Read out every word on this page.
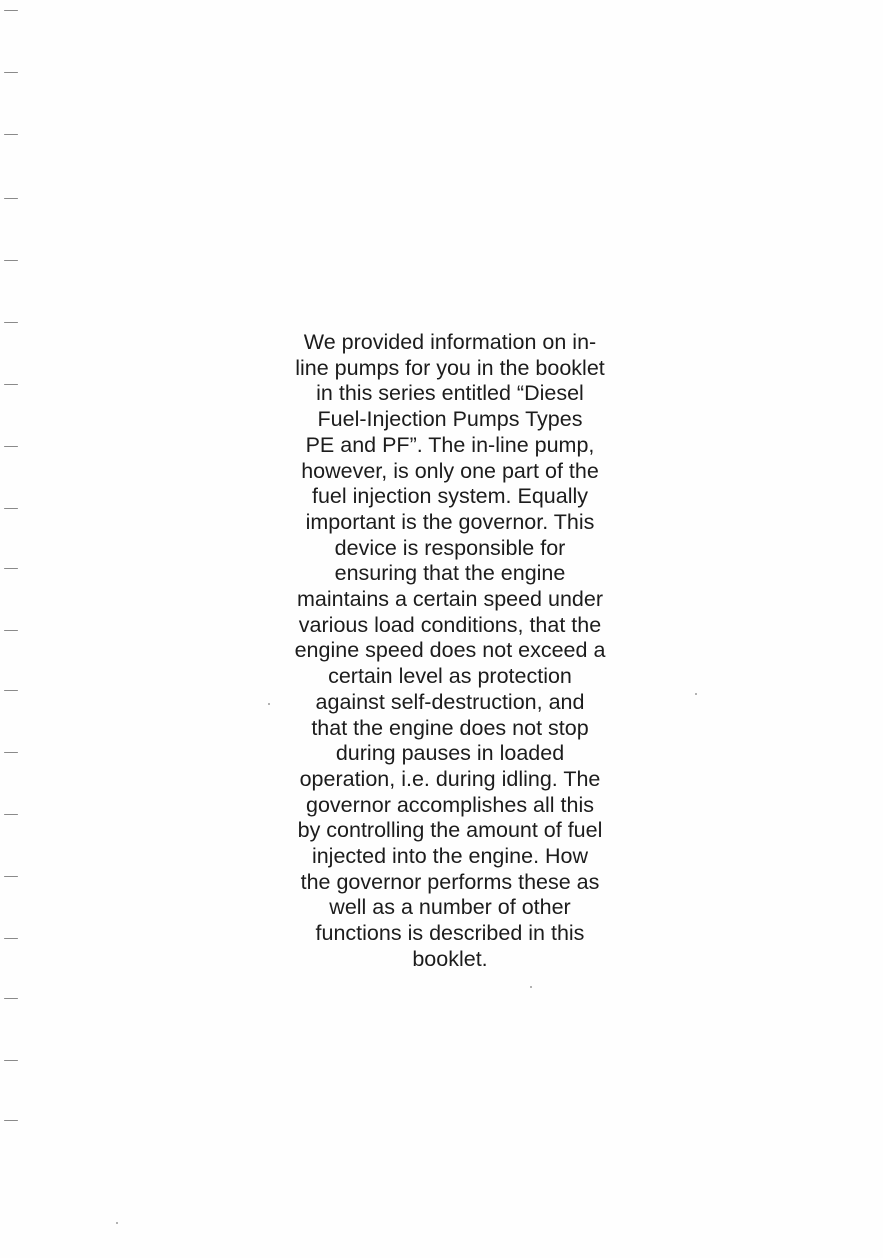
We provided information on in-
line pumps for you in the booklet
in this series entitled “Diesel
Fuel-Injection Pumps Types
PE and PF”. The in-line pump,
however, is only one part of the
fuel injection system. Equally
important is the governor. This
device is responsible for
ensuring that the engine
maintains a certain speed under
various load conditions, that the
engine speed does not exceed a
certain level as protection
against self-destruction, and
that the engine does not stop
during pauses in loaded
operation, i.e. during idling. The
governor accomplishes all this
by controlling the amount of fuel
injected into the engine. How
the governor performs these as
well as a number of other
functions is described in this
booklet.
